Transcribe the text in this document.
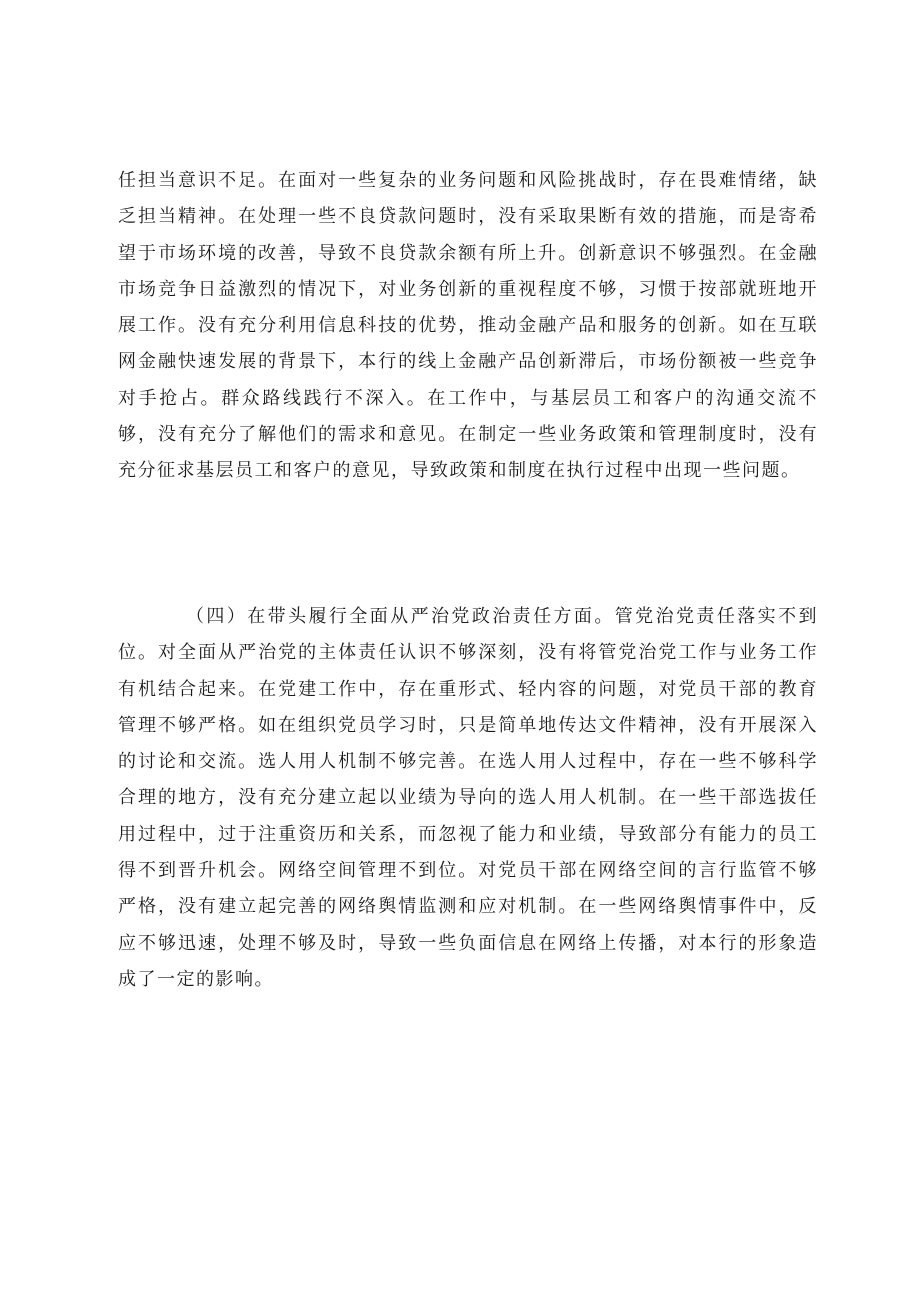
任担当意识不足。在面对一些复杂的业务问题和风险挑战时，存在畏难情绪，缺乏担当精神。在处理一些不良贷款问题时，没有采取果断有效的措施，而是寄希望于市场环境的改善，导致不良贷款余额有所上升。创新意识不够强烈。在金融市场竞争日益激烈的情况下，对业务创新的重视程度不够，习惯于按部就班地开展工作。没有充分利用信息科技的优势，推动金融产品和服务的创新。如在互联网金融快速发展的背景下，本行的线上金融产品创新滞后，市场份额被一些竞争对手抢占。群众路线践行不深入。在工作中，与基层员工和客户的沟通交流不够，没有充分了解他们的需求和意见。在制定一些业务政策和管理制度时，没有充分征求基层员工和客户的意见，导致政策和制度在执行过程中出现一些问题。

（四）在带头履行全面从严治党政治责任方面。管党治党责任落实不到位。对全面从严治党的主体责任认识不够深刻，没有将管党治党工作与业务工作有机结合起来。在党建工作中，存在重形式、轻内容的问题，对党员干部的教育管理不够严格。如在组织党员学习时，只是简单地传达文件精神，没有开展深入的讨论和交流。选人用人机制不够完善。在选人用人过程中，存在一些不够科学合理的地方，没有充分建立起以业绩为导向的选人用人机制。在一些干部选拔任用过程中，过于注重资历和关系，而忽视了能力和业绩，导致部分有能力的员工得不到晋升机会。网络空间管理不到位。对党员干部在网络空间的言行监管不够严格，没有建立起完善的网络舆情监测和应对机制。在一些网络舆情事件中，反应不够迅速，处理不够及时，导致一些负面信息在网络上传播，对本行的形象造成了一定的影响。
